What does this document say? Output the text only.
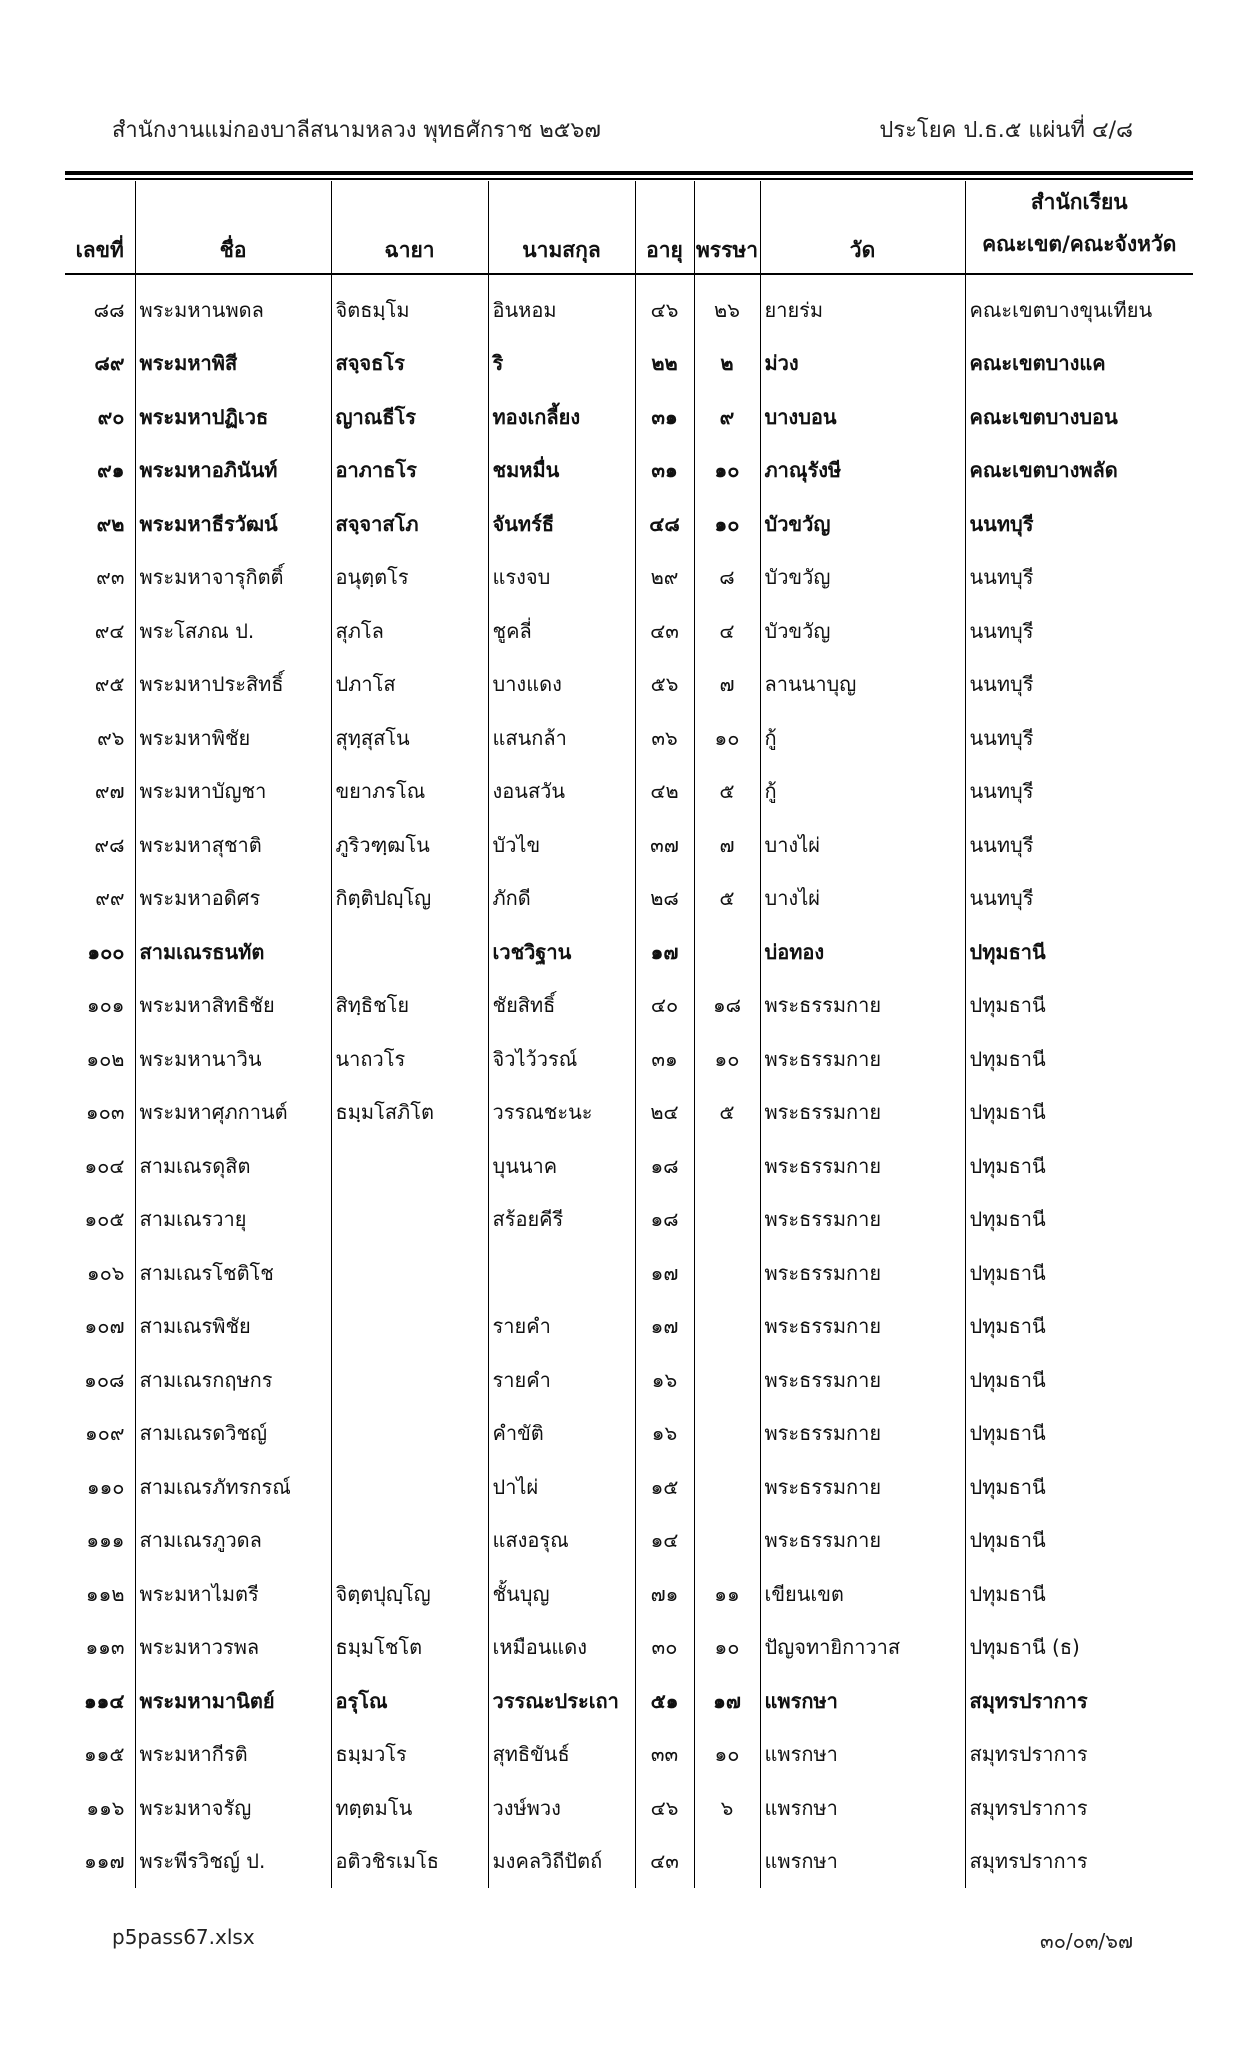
สำนักงานแม่กองบาลีสนามหลวง พุทธศักราช ๒๕๖๗	ประโยค ป.ธ.๕ แผ่นที่ ๔/๘
เลขที่	ชื่อ	ฉายา	นามสกุล	อายุ	พรรษา	วัด	สำนักเรียน
คณะเขต/คณะจังหวัด

๘๘	พระมหานพดล	จิตธมฺโม	อินหอม	๔๖	๒๖	ยายร่ม	คณะเขตบางขุนเทียน
๘๙	พระมหาพิสี	สจฺจธโร	ริ	๒๒	๒	ม่วง	คณะเขตบางแค
๙๐	พระมหาปฏิเวธ	ญาณธีโร	ทองเกลี้ยง	๓๑	๙	บางบอน	คณะเขตบางบอน
๙๑	พระมหาอภินันท์	อาภาธโร	ชมหมื่น	๓๑	๑๐	ภาณุรังษี	คณะเขตบางพลัด
๙๒	พระมหาธีรวัฒน์	สจฺจาสโภ	จันทร์ธี	๔๘	๑๐	บัวขวัญ	นนทบุรี
๙๓	พระมหาจารุกิตติ์	อนุตฺตโร	แรงจบ	๒๙	๘	บัวขวัญ	นนทบุรี
๙๔	พระโสภณ ป.	สุภโล	ชูคลี่	๔๓	๔	บัวขวัญ	นนทบุรี
๙๕	พระมหาประสิทธิ์	ปภาโส	บางแดง	๕๖	๗	ลานนาบุญ	นนทบุรี
๙๖	พระมหาพิชัย	สุทฺสุสโน	แสนกล้า	๓๖	๑๐	กู้	นนทบุรี
๙๗	พระมหาบัญชา	ขยาภรโณ	งอนสวัน	๔๒	๕	กู้	นนทบุรี
๙๘	พระมหาสุชาติ	ภูริวฑฺฒโน	บัวไข	๓๗	๗	บางไผ่	นนทบุรี
๙๙	พระมหาอดิศร	กิตฺติปญฺโญ	ภักดี	๒๘	๕	บางไผ่	นนทบุรี
๑๐๐	สามเณรธนทัต		เวชวิฐาน	๑๗		บ่อทอง	ปทุมธานี
๑๐๑	พระมหาสิทธิชัย	สิทฺธิชโย	ชัยสิทธิ์	๔๐	๑๘	พระธรรมกาย	ปทุมธานี
๑๐๒	พระมหานาวิน	นาถวโร	จิวไว้วรณ์	๓๑	๑๐	พระธรรมกาย	ปทุมธานี
๑๐๓	พระมหาศุภกานต์	ธมฺมโสภิโต	วรรณชะนะ	๒๔	๕	พระธรรมกาย	ปทุมธานี
๑๐๔	สามเณรดุสิต		บุนนาค	๑๘		พระธรรมกาย	ปทุมธานี
๑๐๕	สามเณรวายุ		สร้อยคีรี	๑๘		พระธรรมกาย	ปทุมธานี
๑๐๖	สามเณรโชติโช			๑๗		พระธรรมกาย	ปทุมธานี
๑๐๗	สามเณรพิชัย		รายคำ	๑๗		พระธรรมกาย	ปทุมธานี
๑๐๘	สามเณรกฤษกร		รายคำ	๑๖		พระธรรมกาย	ปทุมธานี
๑๐๙	สามเณรดวิชญ์		คำขัติ	๑๖		พระธรรมกาย	ปทุมธานี
๑๑๐	สามเณรภัทรกรณ์		ปาไผ่	๑๕		พระธรรมกาย	ปทุมธานี
๑๑๑	สามเณรภูวดล		แสงอรุณ	๑๔		พระธรรมกาย	ปทุมธานี
๑๑๒	พระมหาไมตรี	จิตฺตปุญฺโญ	ชั้นบุญ	๗๑	๑๑	เขียนเขต	ปทุมธานี
๑๑๓	พระมหาวรพล	ธมฺมโชโต	เหมือนแดง	๓๐	๑๐	ปัญจทายิกาวาส	ปทุมธานี (ธ)
๑๑๔	พระมหามานิตย์	อรุโณ	วรรณะประเถา	๕๑	๑๗	แพรกษา	สมุทรปราการ
๑๑๕	พระมหากีรติ	ธมฺมวโร	สุทธิขันธ์	๓๓	๑๐	แพรกษา	สมุทรปราการ
๑๑๖	พระมหาจรัญ	ทตฺตมโน	วงษ์พวง	๔๖	๖	แพรกษา	สมุทรปราการ
๑๑๗	พระพีรวิชญ์ ป.	อติวชิรเมโธ	มงคลวิถีปัตถ์	๔๓		แพรกษา	สมุทรปราการ
p5pass67.xlsx	๓๐/๐๓/๖๗
